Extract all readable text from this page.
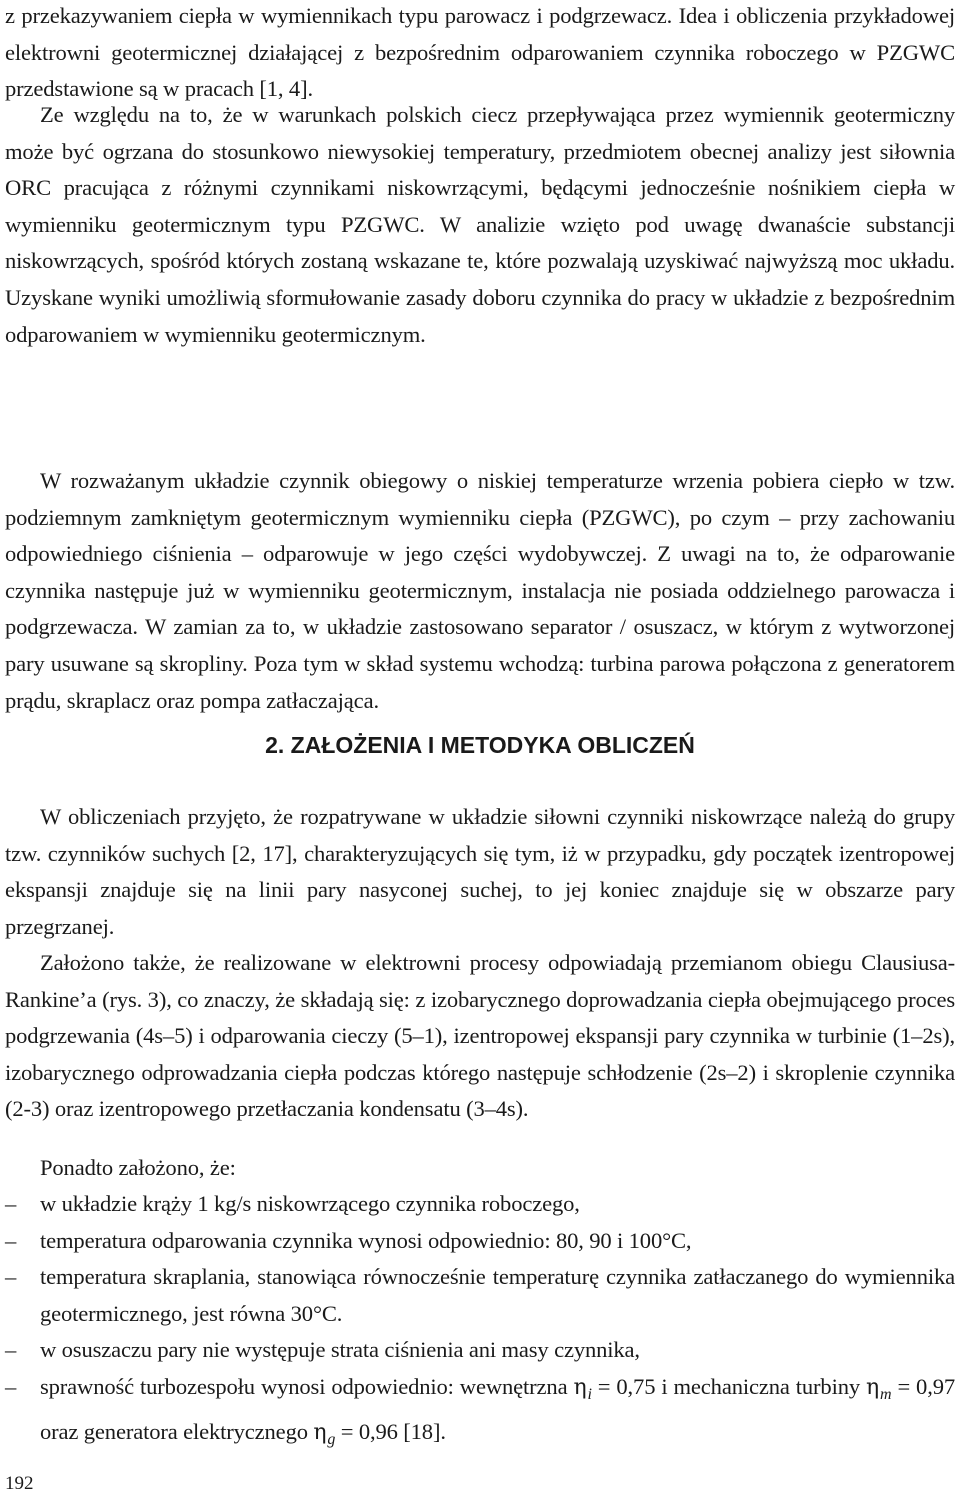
z przekazywaniem ciepła w wymiennikach typu parowacz i podgrzewacz. Idea i obliczenia przykładowej elektrowni geotermicznej działającej z bezpośrednim odparowaniem czynnika roboczego w PZGWC przedstawione są w pracach [1, 4].

Ze względu na to, że w warunkach polskich ciecz przepływająca przez wymiennik geotermiczny może być ogrzana do stosunkowo niewysokiej temperatury, przedmiotem obecnej analizy jest siłownia ORC pracująca z różnymi czynnikami niskowrzącymi, będącymi jednocześnie nośnikiem ciepła w wymienniku geotermicznym typu PZGWC. W analizie wzięto pod uwagę dwanaście substancji niskowrzących, spośród których zostaną wskazane te, które pozwalają uzyskiwać najwyższą moc układu. Uzyskane wyniki umożliwią sformułowanie zasady doboru czynnika do pracy w układzie z bezpośrednim odparowaniem w wymienniku geotermicznym.

W rozważanym układzie czynnik obiegowy o niskiej temperaturze wrzenia pobiera ciepło w tzw. podziemnym zamkniętym geotermicznym wymienniku ciepła (PZGWC), po czym – przy zachowaniu odpowiedniego ciśnienia – odparowuje w jego części wydobywczej. Z uwagi na to, że odparowanie czynnika następuje już w wymienniku geotermicznym, instalacja nie posiada oddzielnego parowacza i podgrzewacza. W zamian za to, w układzie zastosowano separator / osuszacz, w którym z wytworzonej pary usuwane są skropliny. Poza tym w skład systemu wchodzą: turbina parowa połączona z generatorem prądu, skraplacz oraz pompa zatłaczająca.

2. ZAŁOŻENIA I METODYKA OBLICZEŃ

W obliczeniach przyjęto, że rozpatrywane w układzie siłowni czynniki niskowrzące należą do grupy tzw. czynników suchych [2, 17], charakteryzujących się tym, iż w przypadku, gdy początek izentropowej ekspansji znajduje się na linii pary nasyconej suchej, to jej koniec znajduje się w obszarze pary przegrzanej.

Założono także, że realizowane w elektrowni procesy odpowiadają przemianom obiegu Clausiusa-Rankine’a (rys. 3), co znaczy, że składają się: z izobarycznego doprowadzania ciepła obejmującego proces podgrzewania (4s–5) i odparowania cieczy (5–1), izentropowej ekspansji pary czynnika w turbinie (1–2s), izobarycznego odprowadzania ciepła podczas którego następuje schłodzenie (2s–2) i skroplenie czynnika (2-3) oraz izentropowego przetłaczania kondensatu (3–4s).

Ponadto założono, że:

– w układzie krąży 1 kg/s niskowrzącego czynnika roboczego,
– temperatura odparowania czynnika wynosi odpowiednio: 80, 90 i 100°C,
– temperatura skraplania, stanowiąca równocześnie temperaturę czynnika zatłaczanego do wymiennika geotermicznego, jest równa 30°C.
– w osuszaczu pary nie występuje strata ciśnienia ani masy czynnika,
– sprawność turbozespołu wynosi odpowiednio: wewnętrzna $\eta_i = 0,75$ i mechaniczna turbiny $\eta_m = 0,97$ oraz generatora elektrycznego $\eta_g = 0,96$ [18].
192
